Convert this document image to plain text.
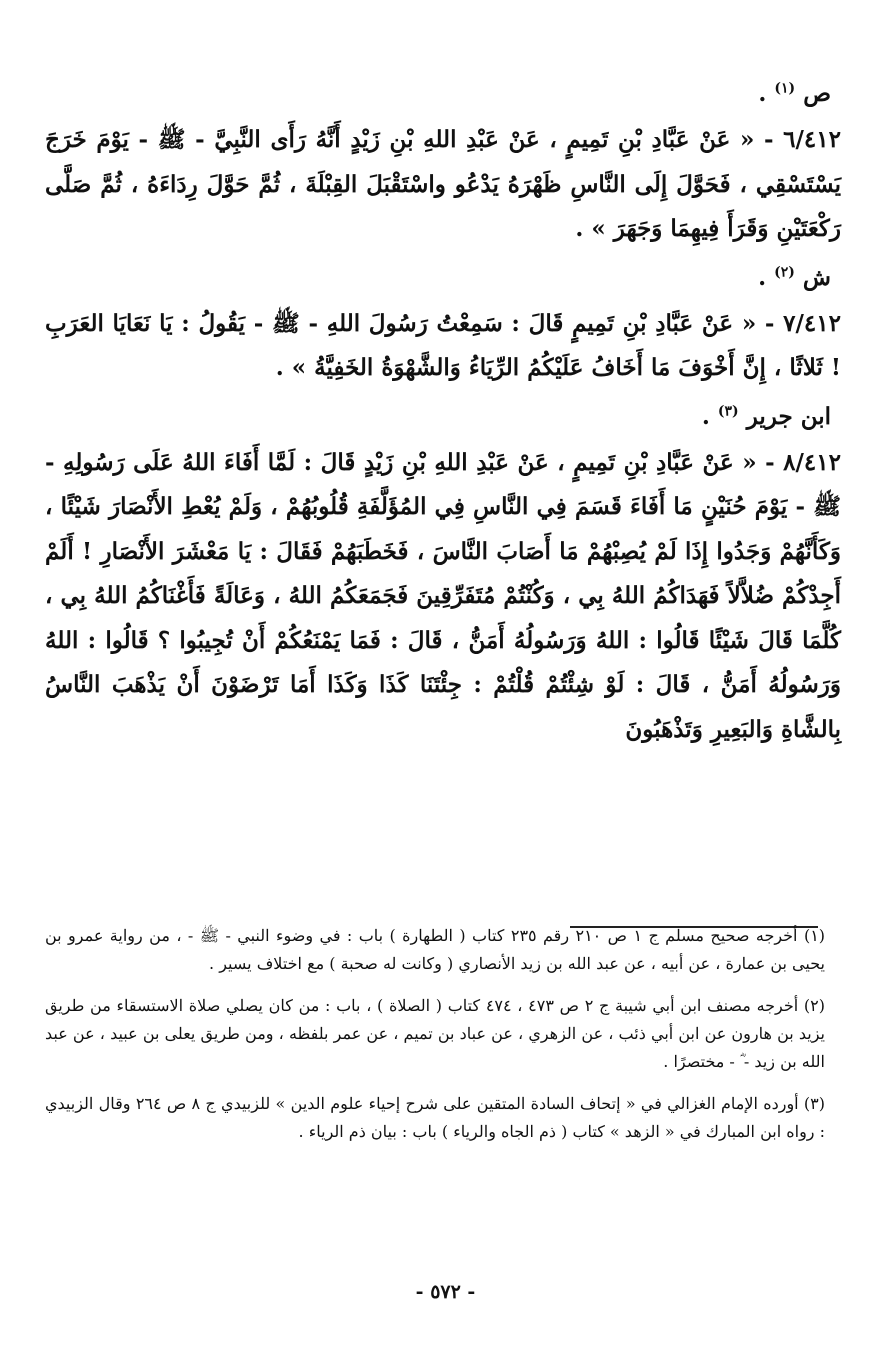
ص $^{(١)}$ .

٦/٤١٢ - « عَنْ عَبَّادِ بْنِ تَمِيمٍ ، عَنْ عَبْدِ اللهِ بْنِ زَيْدٍ أَنَّهُ رَأَى النَّبِيَّ - ﷺ - يَوْمَ خَرَجَ يَسْتَسْقِي ، فَحَوَّلَ إِلَى النَّاسِ ظَهْرَهُ يَدْعُو واسْتَقْبَلَ القِبْلَةَ ، ثُمَّ حَوَّلَ رِدَاءَهُ ، ثُمَّ صَلَّى رَكْعَتَيْنِ وَقَرَأَ فِيهِمَا وَجَهَرَ » .

ش $^{(٢)}$ .

٧/٤١٢ - « عَنْ عَبَّادِ بْنِ تَمِيمٍ قَالَ : سَمِعْتُ رَسُولَ اللهِ - ﷺ - يَقُولُ : يَا نَعَايَا العَرَبِ ! ثَلاثًا ، إِنَّ أَخْوَفَ مَا أَخَافُ عَلَيْكُمُ الرِّيَاءُ وَالشَّهْوَةُ الخَفِيَّةُ » .

ابن جرير $^{(٣)}$ .

٨/٤١٢ - « عَنْ عَبَّادِ بْنِ تَمِيمٍ ، عَنْ عَبْدِ اللهِ بْنِ زَيْدٍ قَالَ : لَمَّا أَفَاءَ اللهُ عَلَى رَسُولِهِ - ﷺ - يَوْمَ حُنَيْنٍ مَا أَفَاءَ قَسَمَ فِي النَّاسِ فِي المُؤَلَّفَةِ قُلُوبُهُمْ ، وَلَمْ يُعْطِ الأَنْصَارَ شَيْئًا ، وَكَأَنَّهُمْ وَجَدُوا إِذَا لَمْ يُصِبْهُمْ مَا أَصَابَ النَّاسَ ، فَخَطَبَهُمْ فَقَالَ : يَا مَعْشَرَ الأَنْصَارِ ! أَلَمْ أَجِدْكُمْ ضُلاَّلاً فَهَدَاكُمُ اللهُ بِي ، وَكُنْتُمْ مُتَفَرِّقِينَ فَجَمَعَكُمُ اللهُ ، وَعَالَةً فَأَغْنَاكُمُ اللهُ بِي ، كُلَّمَا قَالَ شَيْئًا قَالُوا : اللهُ وَرَسُولُهُ أَمَنُّ ، قَالَ : فَمَا يَمْنَعُكُمْ أَنْ تُجِيبُوا ؟ قَالُوا : اللهُ وَرَسُولُهُ أَمَنُّ ، قَالَ : لَوْ شِئْتُمْ قُلْتُمْ : جِئْتَنَا كَذَا وَكَذَا أَمَا تَرْضَوْنَ أَنْ يَذْهَبَ النَّاسُ بِالشَّاةِ وَالبَعِيرِ وَتَذْهَبُونَ

(١) أخرجه صحيح مسلم ج ١ ص ٢١٠ رقم ٢٣٥ كتاب ( الطهارة ) باب : في وضوء النبي - ﷺ - ، من رواية عمرو بن يحيى بن عمارة ، عن أبيه ، عن عبد الله بن زيد الأنصاري ( وكانت له صحبة ) مع اختلاف يسير .
(٢) أخرجه مصنف ابن أبي شيبة ج ٢ ص ٤٧٣ ، ٤٧٤ كتاب ( الصلاة ) ، باب : من كان يصلي صلاة الاستسقاء من طريق يزيد بن هارون عن ابن أبي ذئب ، عن الزهري ، عن عباد بن تميم ، عن عمر بلفظه ، ومن طريق يعلى بن عبيد ، عن عبد الله بن زيد - ؓ - مختصرًا .
(٣) أورده الإمام الغزالي في « إتحاف السادة المتقين على شرح إحياء علوم الدين » للزبيدي ج ٨ ص ٢٦٤ وقال الزبيدي : رواه ابن المبارك في « الزهد » كتاب ( ذم الجاه والرياء ) باب : بيان ذم الرياء .
- ٥٧٢ -
